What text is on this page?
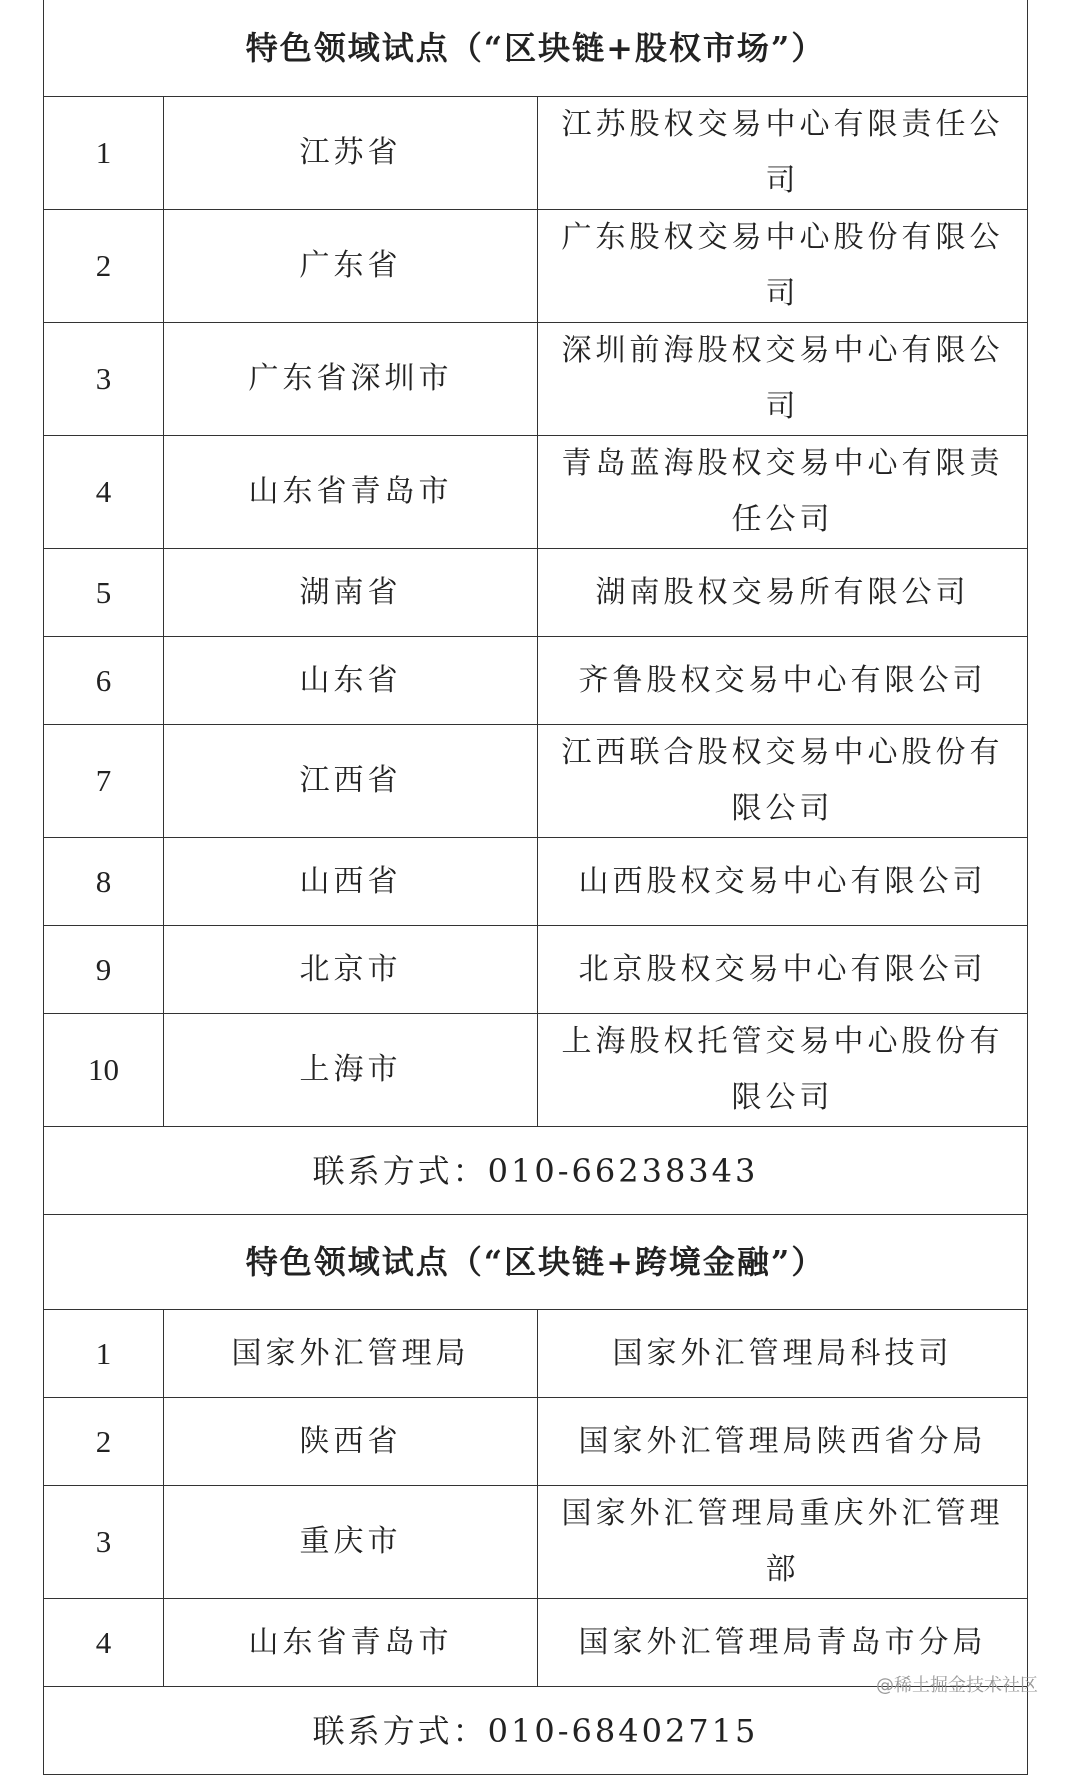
特色领域试点（“区块链+股权市场”）		
1	江苏省	江苏股权交易中心有限责任公司
2	广东省	广东股权交易中心股份有限公司
3	广东省深圳市	深圳前海股权交易中心有限公司
4	山东省青岛市	青岛蓝海股权交易中心有限责任公司
5	湖南省	湖南股权交易所有限公司
6	山东省	齐鲁股权交易中心有限公司
7	江西省	江西联合股权交易中心股份有限公司
8	山西省	山西股权交易中心有限公司
9	北京市	北京股权交易中心有限公司
10	上海市	上海股权托管交易中心股份有限公司
联系方式：010-66238343		
特色领域试点（“区块链+跨境金融”）		
1	国家外汇管理局	国家外汇管理局科技司
2	陕西省	国家外汇管理局陕西省分局
3	重庆市	国家外汇管理局重庆外汇管理部
4	山东省青岛市	国家外汇管理局青岛市分局
联系方式：010-68402715		
@稀土掘金技术社区
